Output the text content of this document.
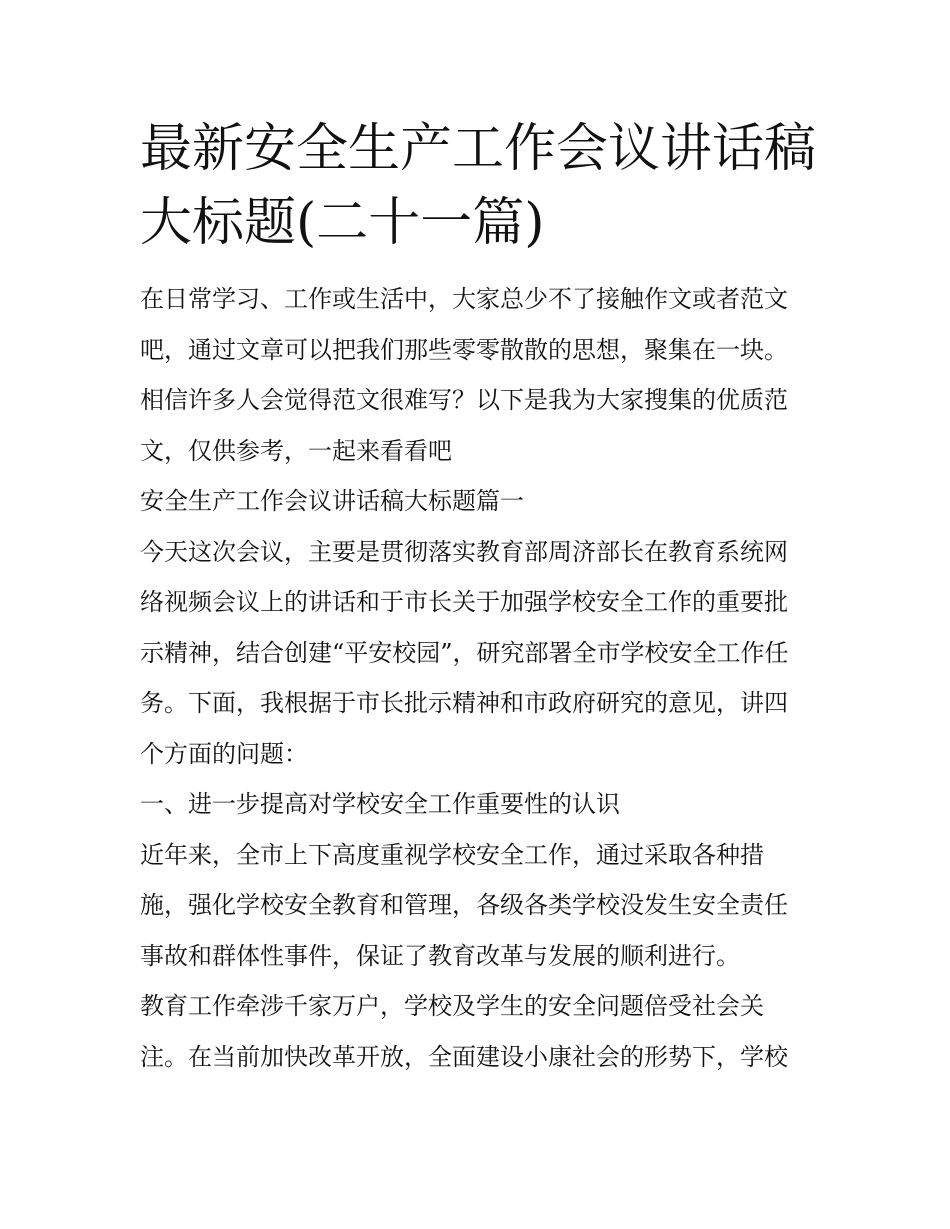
最新安全生产工作会议讲话稿
大标题(二十一篇)

在日常学习、工作或生活中，大家总少不了接触作文或者范文
吧，通过文章可以把我们那些零零散散的思想，聚集在一块。
相信许多人会觉得范文很难写？以下是我为大家搜集的优质范
文，仅供参考，一起来看看吧

安全生产工作会议讲话稿大标题篇一

今天这次会议，主要是贯彻落实教育部周济部长在教育系统网
络视频会议上的讲话和于市长关于加强学校安全工作的重要批
示精神，结合创建“平安校园”，研究部署全市学校安全工作任
务。下面，我根据于市长批示精神和市政府研究的意见，讲四
个方面的问题：

一、进一步提高对学校安全工作重要性的认识

近年来，全市上下高度重视学校安全工作，通过采取各种措
施，强化学校安全教育和管理，各级各类学校没发生安全责任
事故和群体性事件，保证了教育改革与发展的顺利进行。

教育工作牵涉千家万户，学校及学生的安全问题倍受社会关
注。在当前加快改革开放，全面建设小康社会的形势下，学校
